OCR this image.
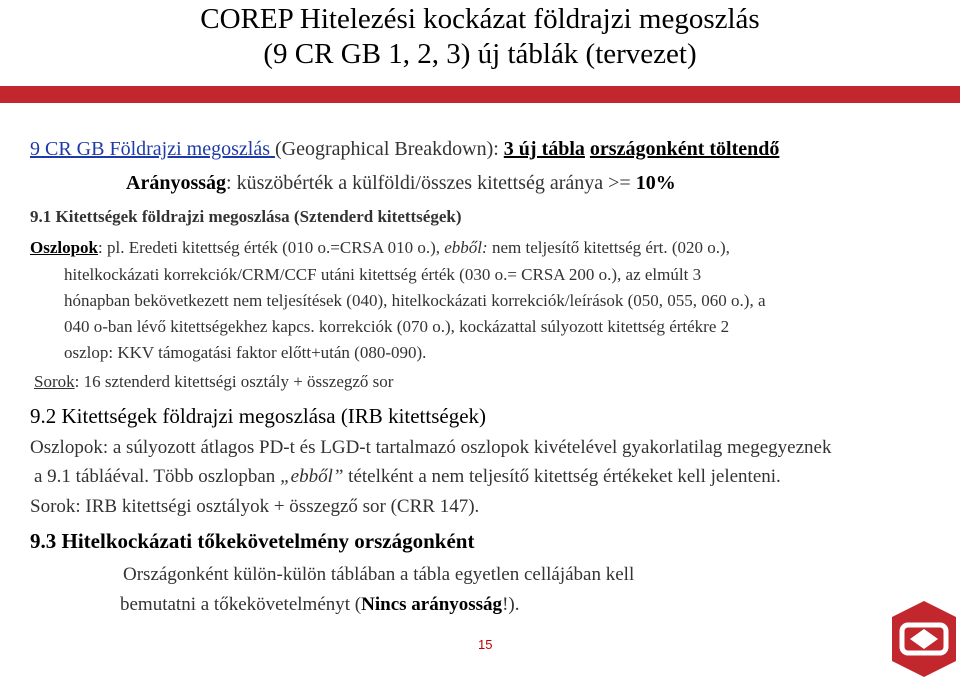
COREP Hitelezési kockázat földrajzi megoszlás
(9 CR GB 1, 2, 3) új táblák (tervezet)
9 CR GB Földrajzi megoszlás (Geographical Breakdown): 3 új tábla országonként töltendő
Arányosság: küszöbérték a külföldi/összes kitettség aránya >= 10%
9.1 Kitettségek földrajzi megoszlása (Sztenderd kitettségek)
Oszlopok: pl. Eredeti kitettség érték (010 o.=CRSA 010 o.), ebből: nem teljesítő kitettség ért. (020 o.),
hitelkockázati korrekciók/CRM/CCF utáni kitettség érték (030 o.= CRSA 200 o.), az elmúlt 3
hónapban bekövetkezett nem teljesítések (040), hitelkockázati korrekciók/leírások (050, 055, 060 o.), a
040 o-ban lévő kitettségekhez kapcs. korrekciók (070 o.), kockázattal súlyozott kitettség értékre 2
oszlop: KKV támogatási faktor előtt+után (080-090).
Sorok: 16 sztenderd kitettségi osztály + összegző sor
9.2 Kitettségek földrajzi megoszlása (IRB kitettségek)
Oszlopok: a súlyozott átlagos PD-t és LGD-t tartalmazó oszlopok kivételével gyakorlatilag megegyeznek
a 9.1 tábláéval. Több oszlopban „ebből” tételként a nem teljesítő kitettség értékeket kell jelenteni.
Sorok: IRB kitettségi osztályok + összegző sor (CRR 147).
9.3 Hitelkockázati tőkekövetelmény országonként
Országonként külön-külön táblában a tábla egyetlen cellájában kell
bemutatni a tőkekövetelményt (Nincs arányosság!).
15
